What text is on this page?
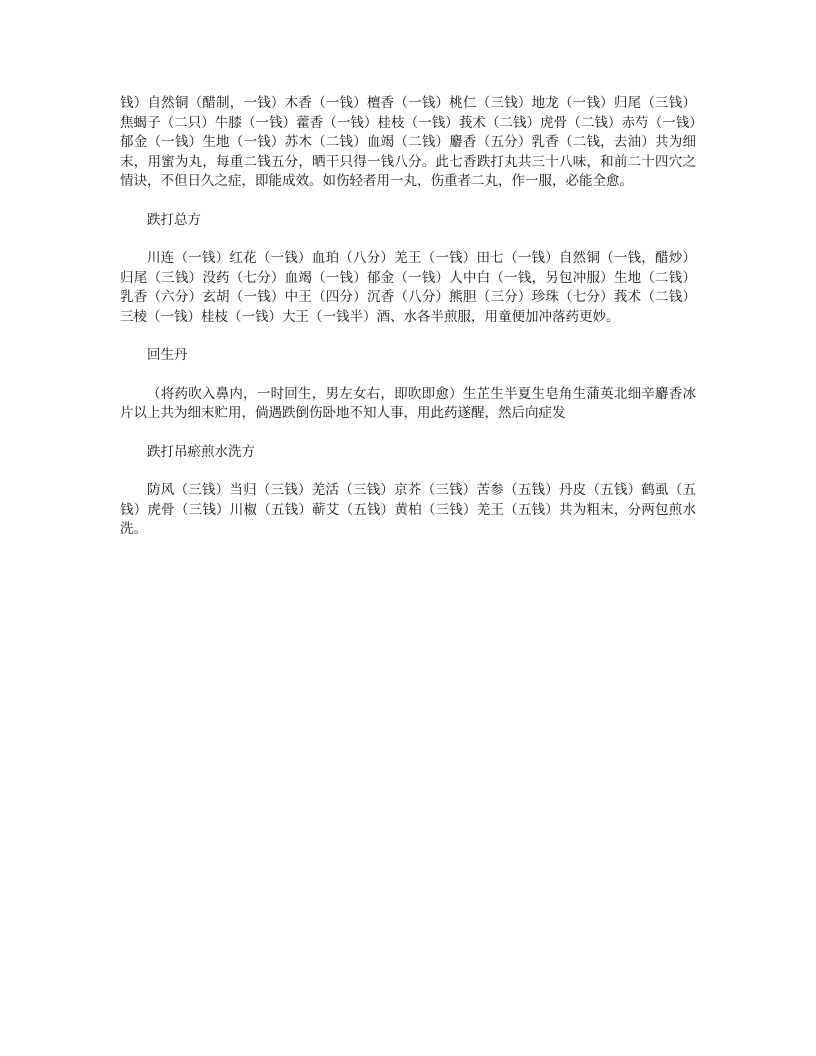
钱）自然铜（醋制，一钱）木香（一钱）檀香（一钱）桃仁（三钱）地龙（一钱）归尾（三钱）焦蝎子（二只）牛膝（一钱）藿香（一钱）桂枝（一钱）莪术（二钱）虎骨（二钱）赤芍（一钱）郁金（一钱）生地（一钱）苏木（二钱）血竭（二钱）麝香（五分）乳香（二钱，去油）共为细末，用蜜为丸，每重二钱五分，晒干只得一钱八分。此七香跌打丸共三十八味，和前二十四穴之情诀，不但日久之症，即能成效。如伤轻者用一丸，伤重者二丸，作一服，必能全愈。

跌打总方

川连（一钱）红花（一钱）血珀（八分）羌王（一钱）田七（一钱）自然铜（一钱，醋炒）归尾（三钱）没药（七分）血竭（一钱）郁金（一钱）人中白（一钱，另包冲服）生地（二钱）乳香（六分）玄胡（一钱）中王（四分）沉香（八分）熊胆（三分）珍珠（七分）莪术（二钱）三棱（一钱）桂枝（一钱）大王（一钱半）酒、水各半煎服，用童便加冲落药更妙。

回生丹

（将药吹入鼻内，一时回生，男左女右，即吹即愈）生芷生半夏生皂角生蒲英北细辛麝香冰片以上共为细末贮用，倘遇跌倒伤卧地不知人事，用此药遂醒，然后向症发

跌打吊瘀煎水洗方

防风（三钱）当归（三钱）羌活（三钱）京芥（三钱）苦参（五钱）丹皮（五钱）鹤虱（五钱）虎骨（三钱）川椒（五钱）蕲艾（五钱）黄柏（三钱）羌王（五钱）共为粗末，分两包煎水洗。
